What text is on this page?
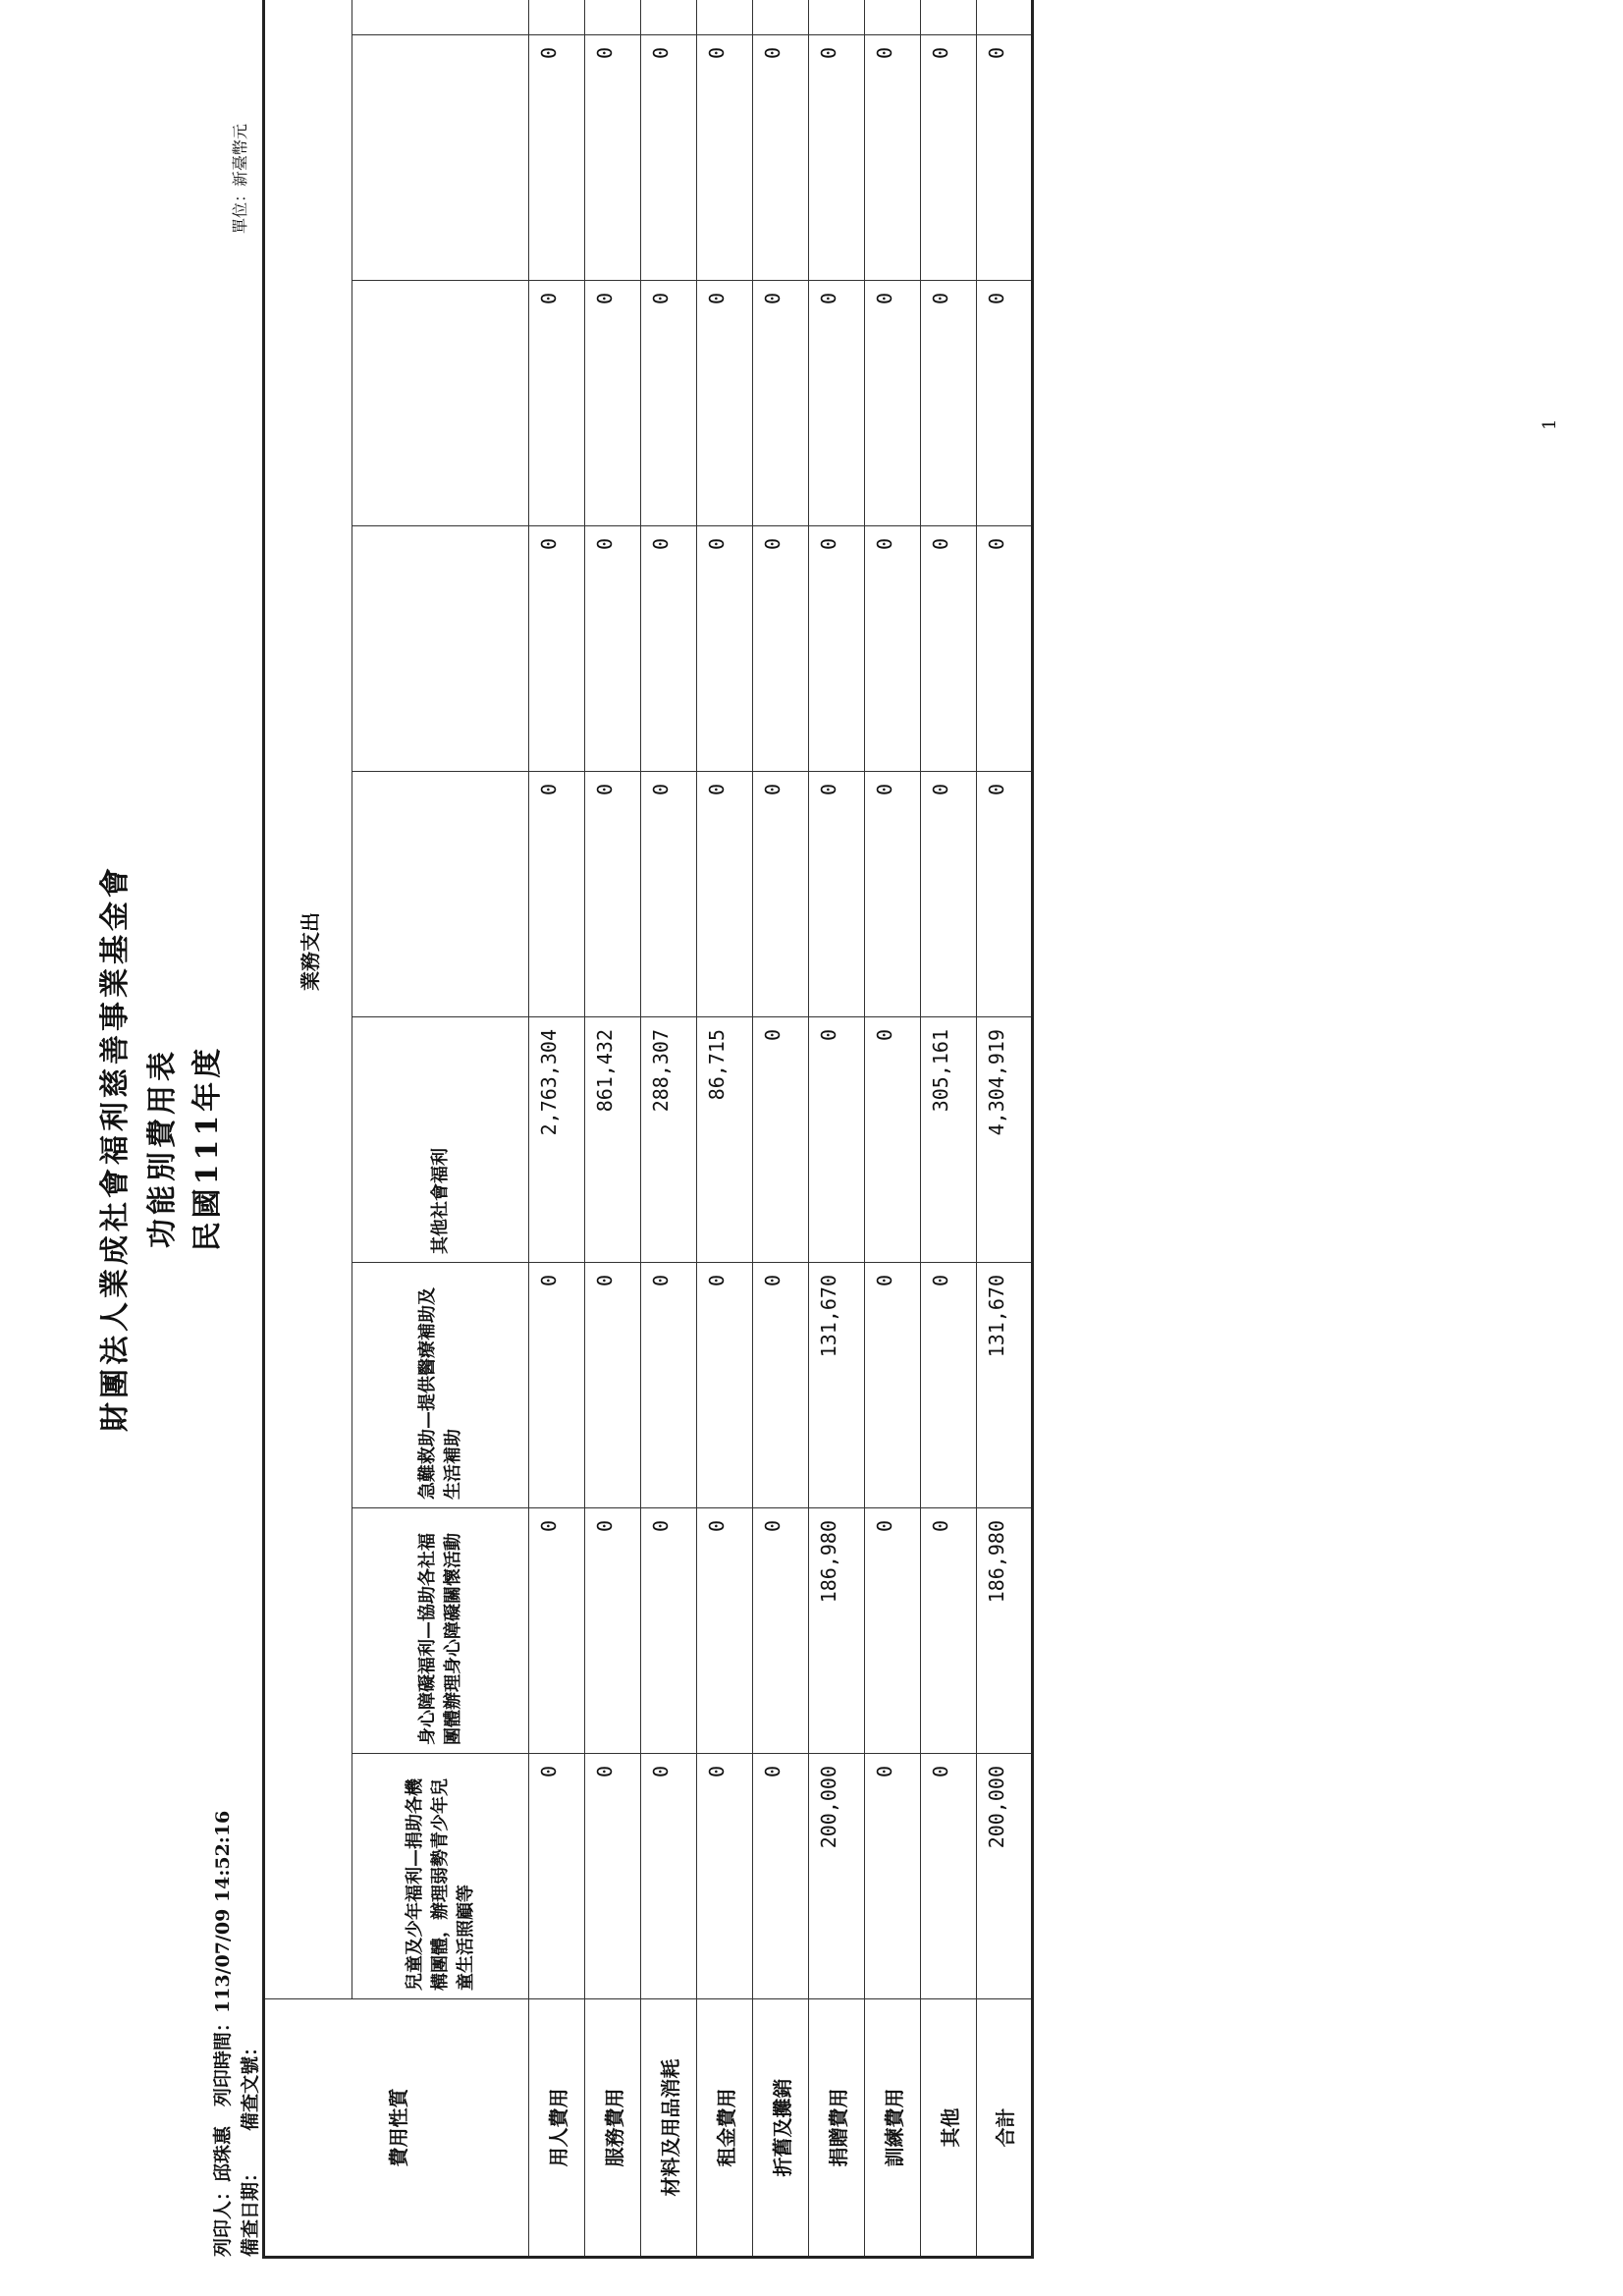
財團法人業成社會福利慈善事業基金會 功能別費用表 民國111年度
列印人：邱珠惠   列印時間：113/07/09 14:52:16
備查日期：     備查文號：
單位：新臺幣元
費用性質	業務支出	
	兒童及少年福利—捐助各機構團體，辦理弱勢青少年兒童生活照顧等	身心障礙福利—協助各社福團體辦理身心障礙關懷活動	急難救助—提供醫療補助及生活補助	其他社會福利					
用人費用	0	0	0	2,763,304	0	0	0	0		
服務費用	0	0	0	861,432	0	0	0	0		
材料及用品消耗	0	0	0	288,307	0	0	0	0		
租金費用	0	0	0	86,715	0	0	0	0		
折舊及攤銷	0	0	0	0	0	0	0	0		
捐贈費用	200,000	186,980	131,670	0	0	0	0	0		
訓練費用	0	0	0	0	0	0	0	0		
其他	0	0	0	305,161	0	0	0	0		
合計	200,000	186,980	131,670	4,304,919	0	0	0	0		
1
